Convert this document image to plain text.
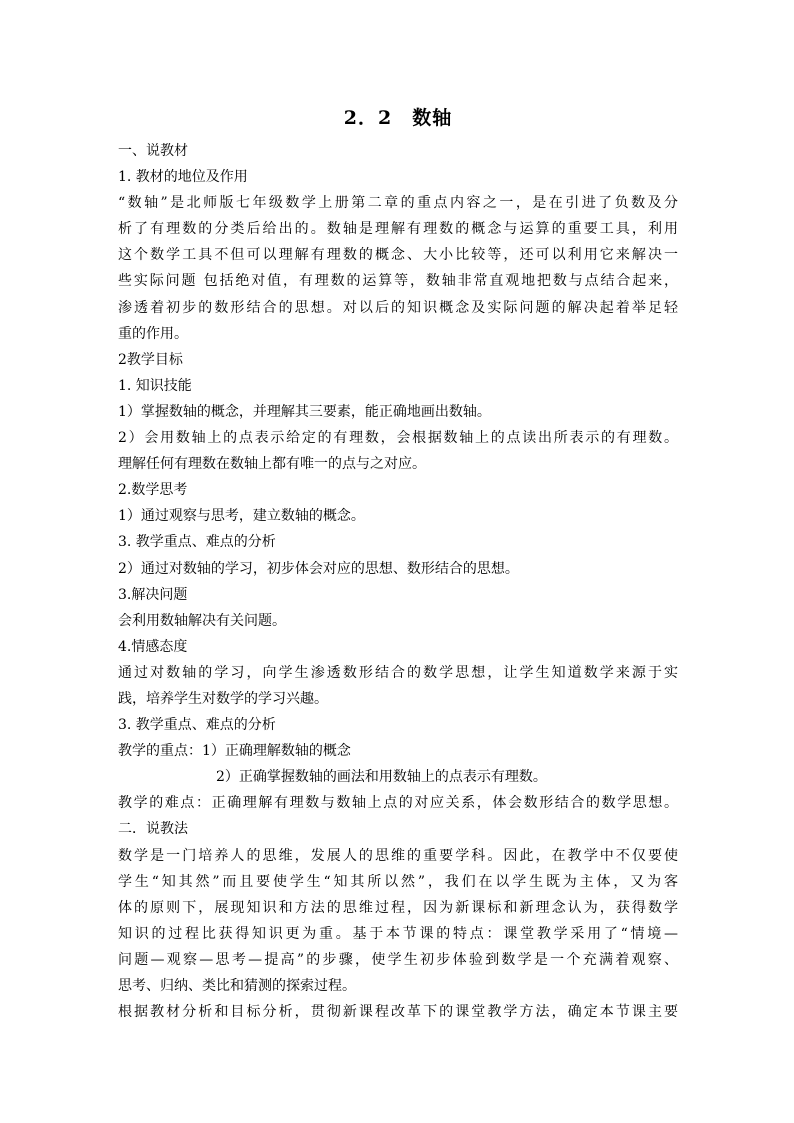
2．2　数轴
一、说教材
1. 教材的地位及作用
“数轴”是北师版七年级数学上册第二章的重点内容之一，是在引进了负数及分
析了有理数的分类后给出的。数轴是理解有理数的概念与运算的重要工具，利用
这个数学工具不但可以理解有理数的概念、大小比较等，还可以利用它来解决一
些实际问题 包括绝对值，有理数的运算等，数轴非常直观地把数与点结合起来，
渗透着初步的数形结合的思想。对以后的知识概念及实际问题的解决起着举足轻
重的作用。
2教学目标
1. 知识技能
1）掌握数轴的概念，并理解其三要素，能正确地画出数轴。
2）会用数轴上的点表示给定的有理数，会根据数轴上的点读出所表示的有理数。
理解任何有理数在数轴上都有唯一的点与之对应。
2.数学思考
1）通过观察与思考，建立数轴的概念。
3. 教学重点、难点的分析
2）通过对数轴的学习，初步体会对应的思想、数形结合的思想。
3.解决问题
会利用数轴解决有关问题。
4.情感态度
通过对数轴的学习，向学生渗透数形结合的数学思想，让学生知道数学来源于实
践，培养学生对数学的学习兴趣。
3. 教学重点、难点的分析
教学的重点：1）正确理解数轴的概念
2）正确掌握数轴的画法和用数轴上的点表示有理数。
教学的难点：正确理解有理数与数轴上点的对应关系，体会数形结合的数学思想。
二．说教法
数学是一门培养人的思维，发展人的思维的重要学科。因此，在教学中不仅要使
学生“知其然”而且要使学生“知其所以然”，我们在以学生既为主体，又为客
体的原则下，展现知识和方法的思维过程，因为新课标和新理念认为，获得数学
知识的过程比获得知识更为重。基于本节课的特点：课堂教学采用了“情境—
问题—观察—思考—提高”的步骤，使学生初步体验到数学是一个充满着观察、
思考、归纳、类比和猜测的探索过程。
根据教材分析和目标分析，贯彻新课程改革下的课堂教学方法，确定本节课主要
